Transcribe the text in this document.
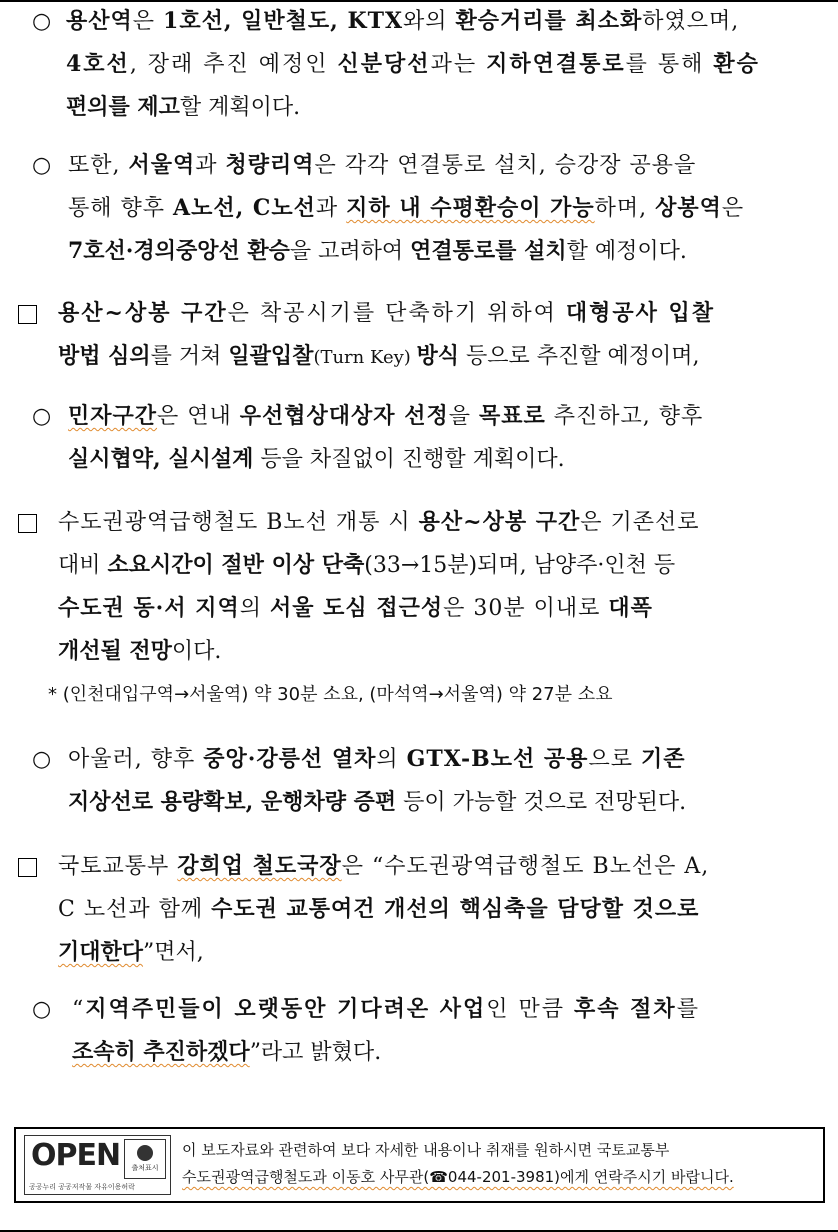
○ 용산역은 1호선, 일반철도, KTX와의 환승거리를 최소화하였으며,
4호선, 장래 추진 예정인 신분당선과는 지하연결통로를 통해 환승
편의를 제고할 계획이다.
○ 또한, 서울역과 청량리역은 각각 연결통로 설치, 승강장 공용을
통해 향후 A노선, C노선과 지하 내 수평환승이 가능하며, 상봉역은
7호선·경의중앙선 환승을 고려하여 연결통로를 설치할 예정이다.
용산~상봉 구간은 착공시기를 단축하기 위하여 대형공사 입찰
방법 심의를 거쳐 일괄입찰(Turn Key) 방식 등으로 추진할 예정이며,
○ 민자구간은 연내 우선협상대상자 선정을 목표로 추진하고, 향후
실시협약, 실시설계 등을 차질없이 진행할 계획이다.
수도권광역급행철도 B노선 개통 시 용산~상봉 구간은 기존선로
대비 소요시간이 절반 이상 단축(33→15분)되며, 남양주·인천 등
수도권 동·서 지역의 서울 도심 접근성은 30분 이내로 대폭
개선될 전망이다.
* (인천대입구역→서울역) 약 30분 소요, (마석역→서울역) 약 27분 소요
○ 아울러, 향후 중앙·강릉선 열차의 GTX-B노선 공용으로 기존
지상선로 용량확보, 운행차량 증편 등이 가능할 것으로 전망된다.
국토교통부 강희업 철도국장은 “수도권광역급행철도 B노선은 A,
C 노선과 함께 수도권 교통여건 개선의 핵심축을 담당할 것으로
기대한다”면서,
○ “지역주민들이 오랫동안 기다려온 사업인 만큼 후속 절차를
조속히 추진하겠다”라고 밝혔다.
OPEN 출처표시
공공누리 공공저작물 자유이용허락
이 보도자료와 관련하여 보다 자세한 내용이나 취재를 원하시면 국토교통부
수도권광역급행철도과 이동호 사무관(☎044-201-3981)에게 연락주시기 바랍니다.
